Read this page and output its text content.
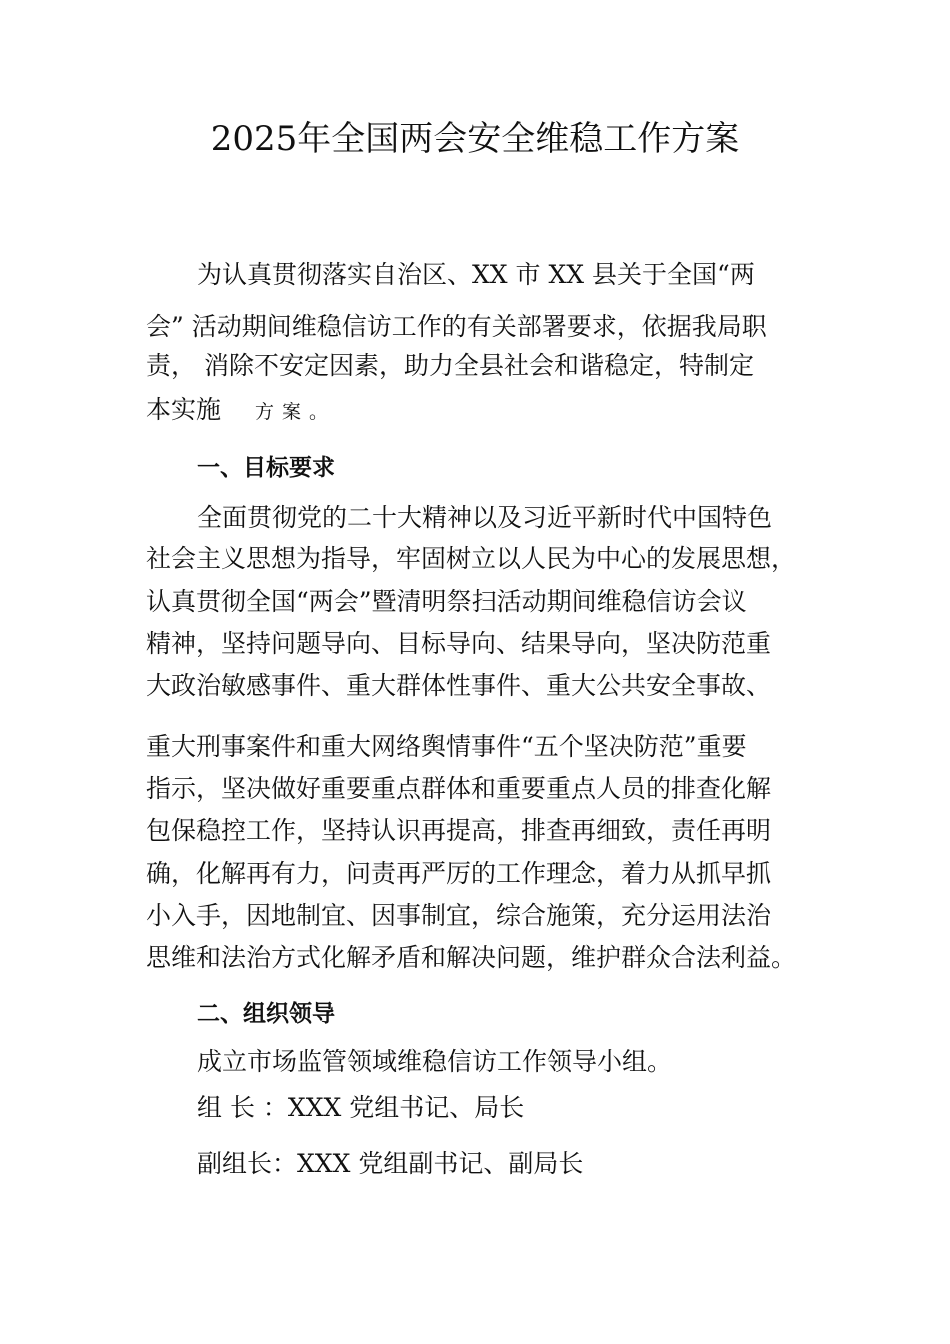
2025年全国两会安全维稳工作方案

为认真贯彻落实自治区、XX 市 XX 县关于全国“两

会” 活动期间维稳信访工作的有关部署要求，依据我局职

责， 消除不安定因素，助力全县社会和谐稳定，特制定

本实施 方案。

一、目标要求

全面贯彻党的二十大精神以及习近平新时代中国特色

社会主义思想为指导，牢固树立以人民为中心的发展思想，

认真贯彻全国“两会”暨清明祭扫活动期间维稳信访会议

精神，坚持问题导向、目标导向、结果导向，坚决防范重

大政治敏感事件、重大群体性事件、重大公共安全事故、

重大刑事案件和重大网络舆情事件“五个坚决防范”重要

指示，坚决做好重要重点群体和重要重点人员的排查化解

包保稳控工作，坚持认识再提高，排查再细致，责任再明

确，化解再有力，问责再严厉的工作理念，着力从抓早抓

小入手，因地制宜、因事制宜，综合施策，充分运用法治

思维和法治方式化解矛盾和解决问题，维护群众合法利益。

二、组织领导

成立市场监管领域维稳信访工作领导小组。

组 长 ：XXX 党组书记、局长

副组长：XXX 党组副书记、副局长
